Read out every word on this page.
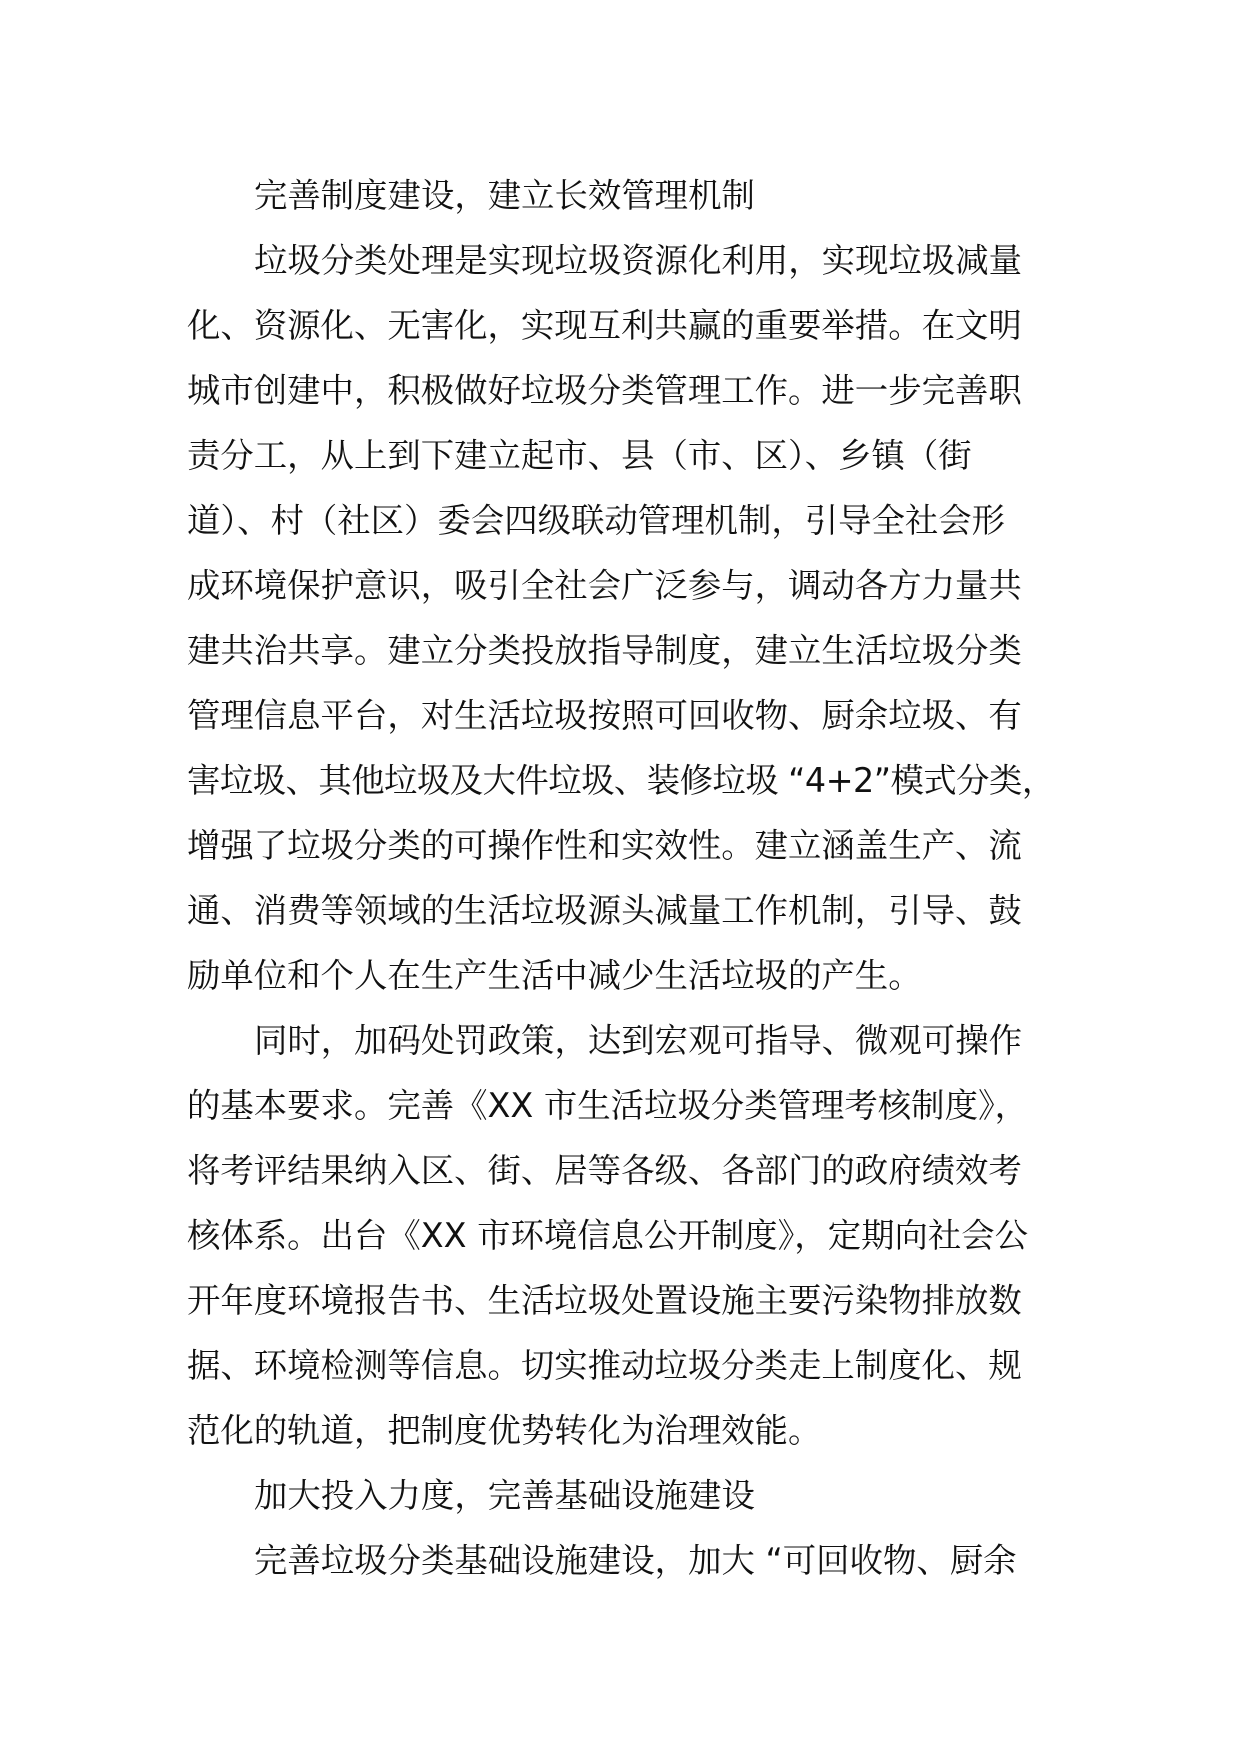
完善制度建设，建立长效管理机制
垃圾分类处理是实现垃圾资源化利用，实现垃圾减量
化、资源化、无害化，实现互利共赢的重要举措。在文明
城市创建中，积极做好垃圾分类管理工作。进一步完善职
责分工，从上到下建立起市、县（市、区）、乡镇（街
道）、村（社区）委会四级联动管理机制，引导全社会形
成环境保护意识，吸引全社会广泛参与，调动各方力量共
建共治共享。建立分类投放指导制度，建立生活垃圾分类
管理信息平台，对生活垃圾按照可回收物、厨余垃圾、有
害垃圾、其他垃圾及大件垃圾、装修垃圾 “4+2”模式分类，
增强了垃圾分类的可操作性和实效性。建立涵盖生产、流
通、消费等领域的生活垃圾源头减量工作机制，引导、鼓
励单位和个人在生产生活中减少生活垃圾的产生。
同时，加码处罚政策，达到宏观可指导、微观可操作
的基本要求。完善《XX 市生活垃圾分类管理考核制度》，
将考评结果纳入区、街、居等各级、各部门的政府绩效考
核体系。出台《XX 市环境信息公开制度》，定期向社会公
开年度环境报告书、生活垃圾处置设施主要污染物排放数
据、环境检测等信息。切实推动垃圾分类走上制度化、规
范化的轨道，把制度优势转化为治理效能。
加大投入力度，完善基础设施建设
完善垃圾分类基础设施建设，加大 “可回收物、厨余
